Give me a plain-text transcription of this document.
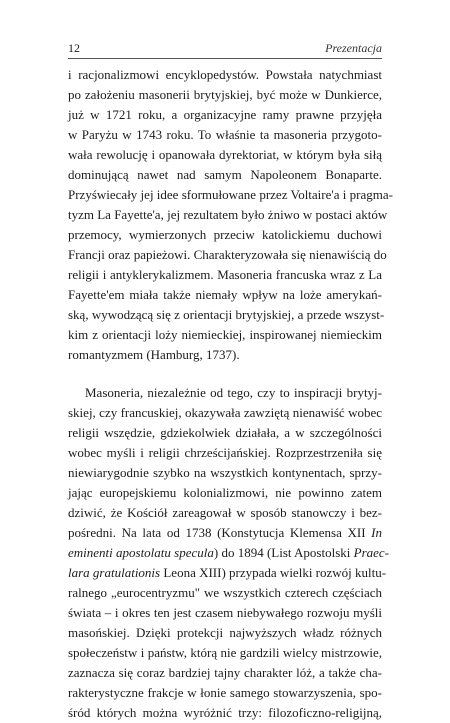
12	Prezentacja
i racjonalizmowi encyklopedystów. Powstała natychmiast
po założeniu masonerii brytyjskiej, być może w Dunkierce,
już w 1721 roku, a organizacyjne ramy prawne przyjęła
w Paryżu w 1743 roku. To właśnie ta masoneria przygoto-
wała rewolucję i opanowała dyrektoriat, w którym była siłą
dominującą nawet nad samym Napoleonem Bonaparte.
Przyświecały jej idee sformułowane przez Voltaire'a i pragma-
tyzm La Fayette'a, jej rezultatem było żniwo w postaci aktów
przemocy, wymierzonych przeciw katolickiemu duchowi
Francji oraz papieżowi. Charakteryzowała się nienawiścią do
religii i antyklerykalizmem. Masoneria francuska wraz z La
Fayette'em miała także niemały wpływ na loże amerykań-
ską, wywodzącą się z orientacji brytyjskiej, a przede wszyst-
kim z orientacji loży niemieckiej, inspirowanej niemieckim
romantyzmem (Hamburg, 1737).
Masoneria, niezależnie od tego, czy to inspiracji brytyj-
skiej, czy francuskiej, okazywała zawziętą nienawiść wobec
religii wszędzie, gdziekolwiek działała, a w szczególności
wobec myśli i religii chrześcijańskiej. Rozprzestrzeniła się
niewiarygodnie szybko na wszystkich kontynentach, sprzy-
jając europejskiemu kolonializmowi, nie powinno zatem
dziwić, że Kościół zareagował w sposób stanowczy i bez-
pośredni. Na lata od 1738 (Konstytucja Klemensa XII In
eminenti apostolatu specula) do 1894 (List Apostolski Praec-
lara gratulationis Leona XIII) przypada wielki rozwój kultu-
ralnego „eurocentryzmu" we wszystkich czterech częściach
świata – i okres ten jest czasem niebywałego rozwoju myśli
masońskiej. Dzięki protekcji najwyższych władz różnych
społeczeństw i państw, którą nie gardzili wielcy mistrzowie,
zaznacza się coraz bardziej tajny charakter lóż, a także cha-
rakterystyczne frakcje w łonie samego stowarzyszenia, spo-
śród których można wyróżnić trzy: filozoficzno-religijną,
